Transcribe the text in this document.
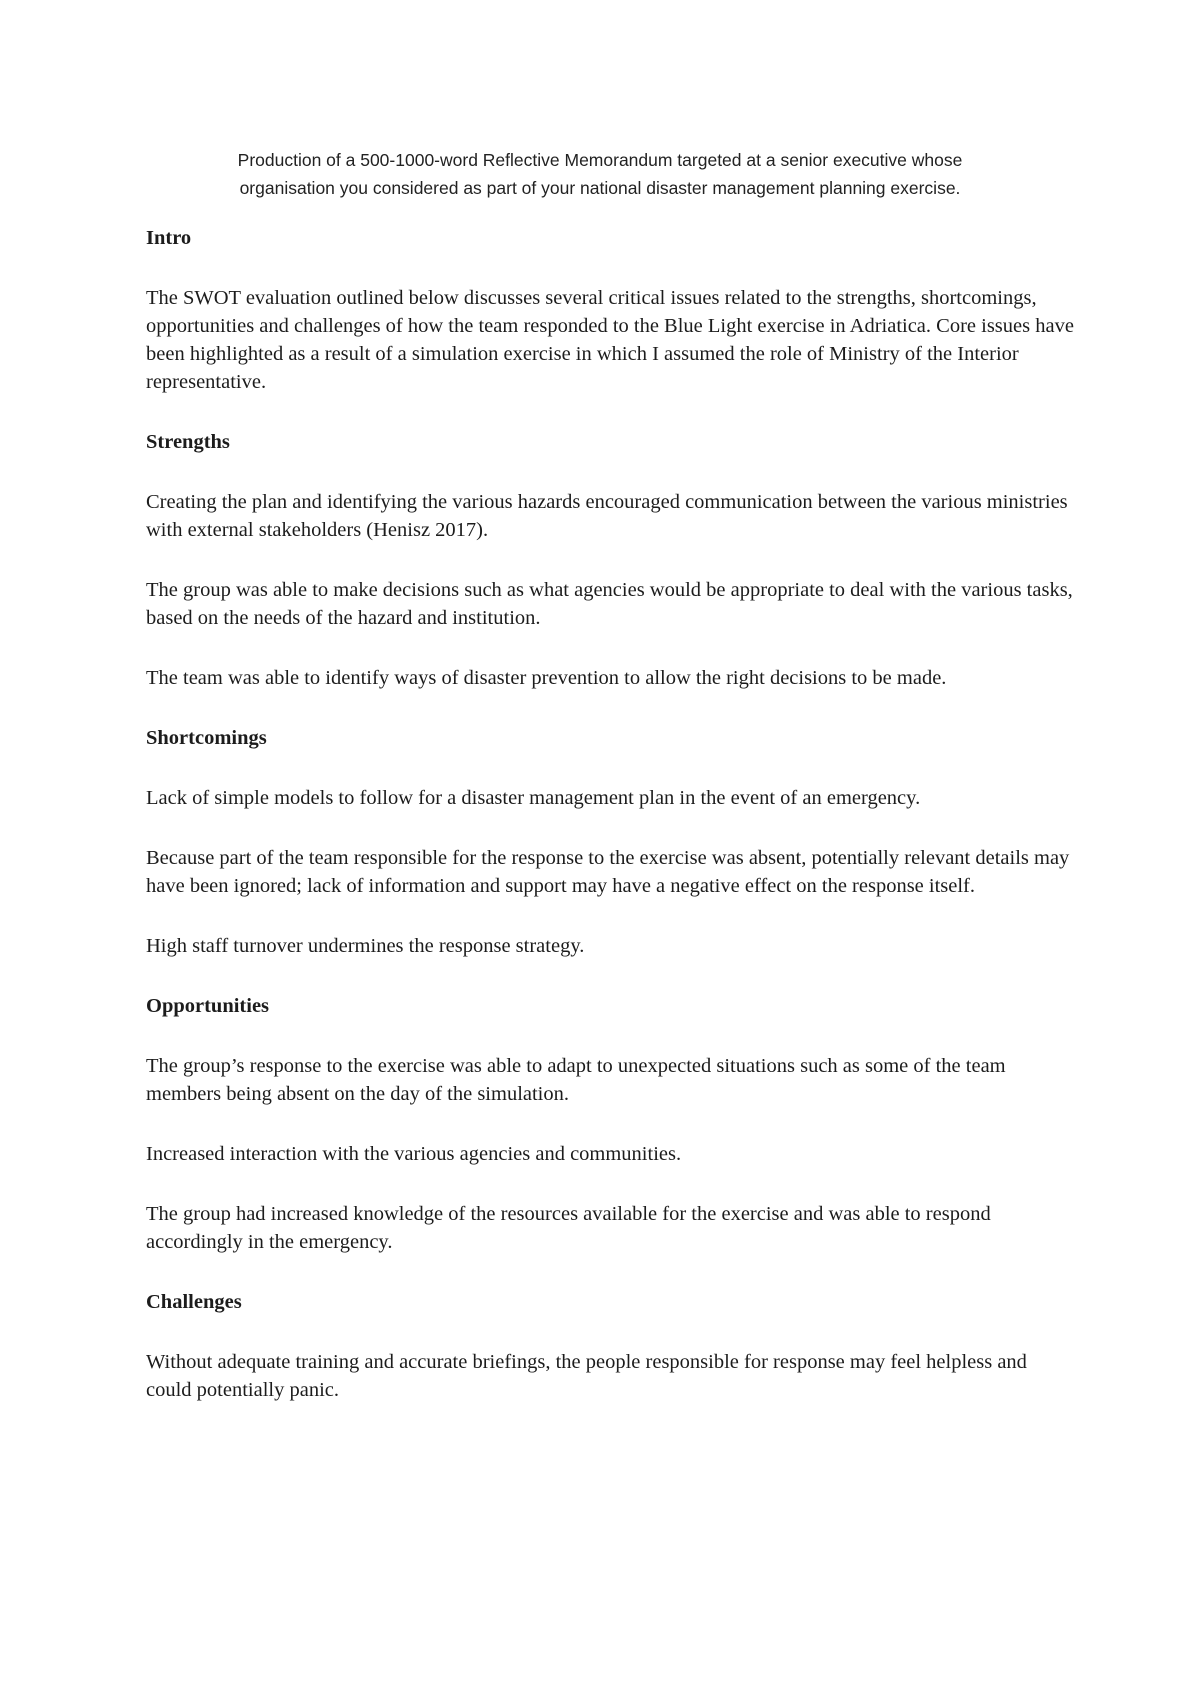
Production of a 500-1000-word Reflective Memorandum targeted at a senior executive whose
organisation you considered as part of your national disaster management planning exercise.

Intro

The SWOT evaluation outlined below discusses several critical issues related to the strengths, shortcomings, opportunities and challenges of how the team responded to the Blue Light exercise in Adriatica. Core issues have been highlighted as a result of a simulation exercise in which I assumed the role of Ministry of the Interior representative.

Strengths

Creating the plan and identifying the various hazards encouraged communication between the various ministries with external stakeholders (Henisz 2017).

The group was able to make decisions such as what agencies would be appropriate to deal with the various tasks, based on the needs of the hazard and institution.

The team was able to identify ways of disaster prevention to allow the right decisions to be made.

Shortcomings

Lack of simple models to follow for a disaster management plan in the event of an emergency.

Because part of the team responsible for the response to the exercise was absent, potentially relevant details may have been ignored; lack of information and support may have a negative effect on the response itself.

High staff turnover undermines the response strategy.

Opportunities

The group’s response to the exercise was able to adapt to unexpected situations such as some of the team members being absent on the day of the simulation.

Increased interaction with the various agencies and communities.

The group had increased knowledge of the resources available for the exercise and was able to respond accordingly in the emergency.

Challenges

Without adequate training and accurate briefings, the people responsible for response may feel helpless and could potentially panic.
